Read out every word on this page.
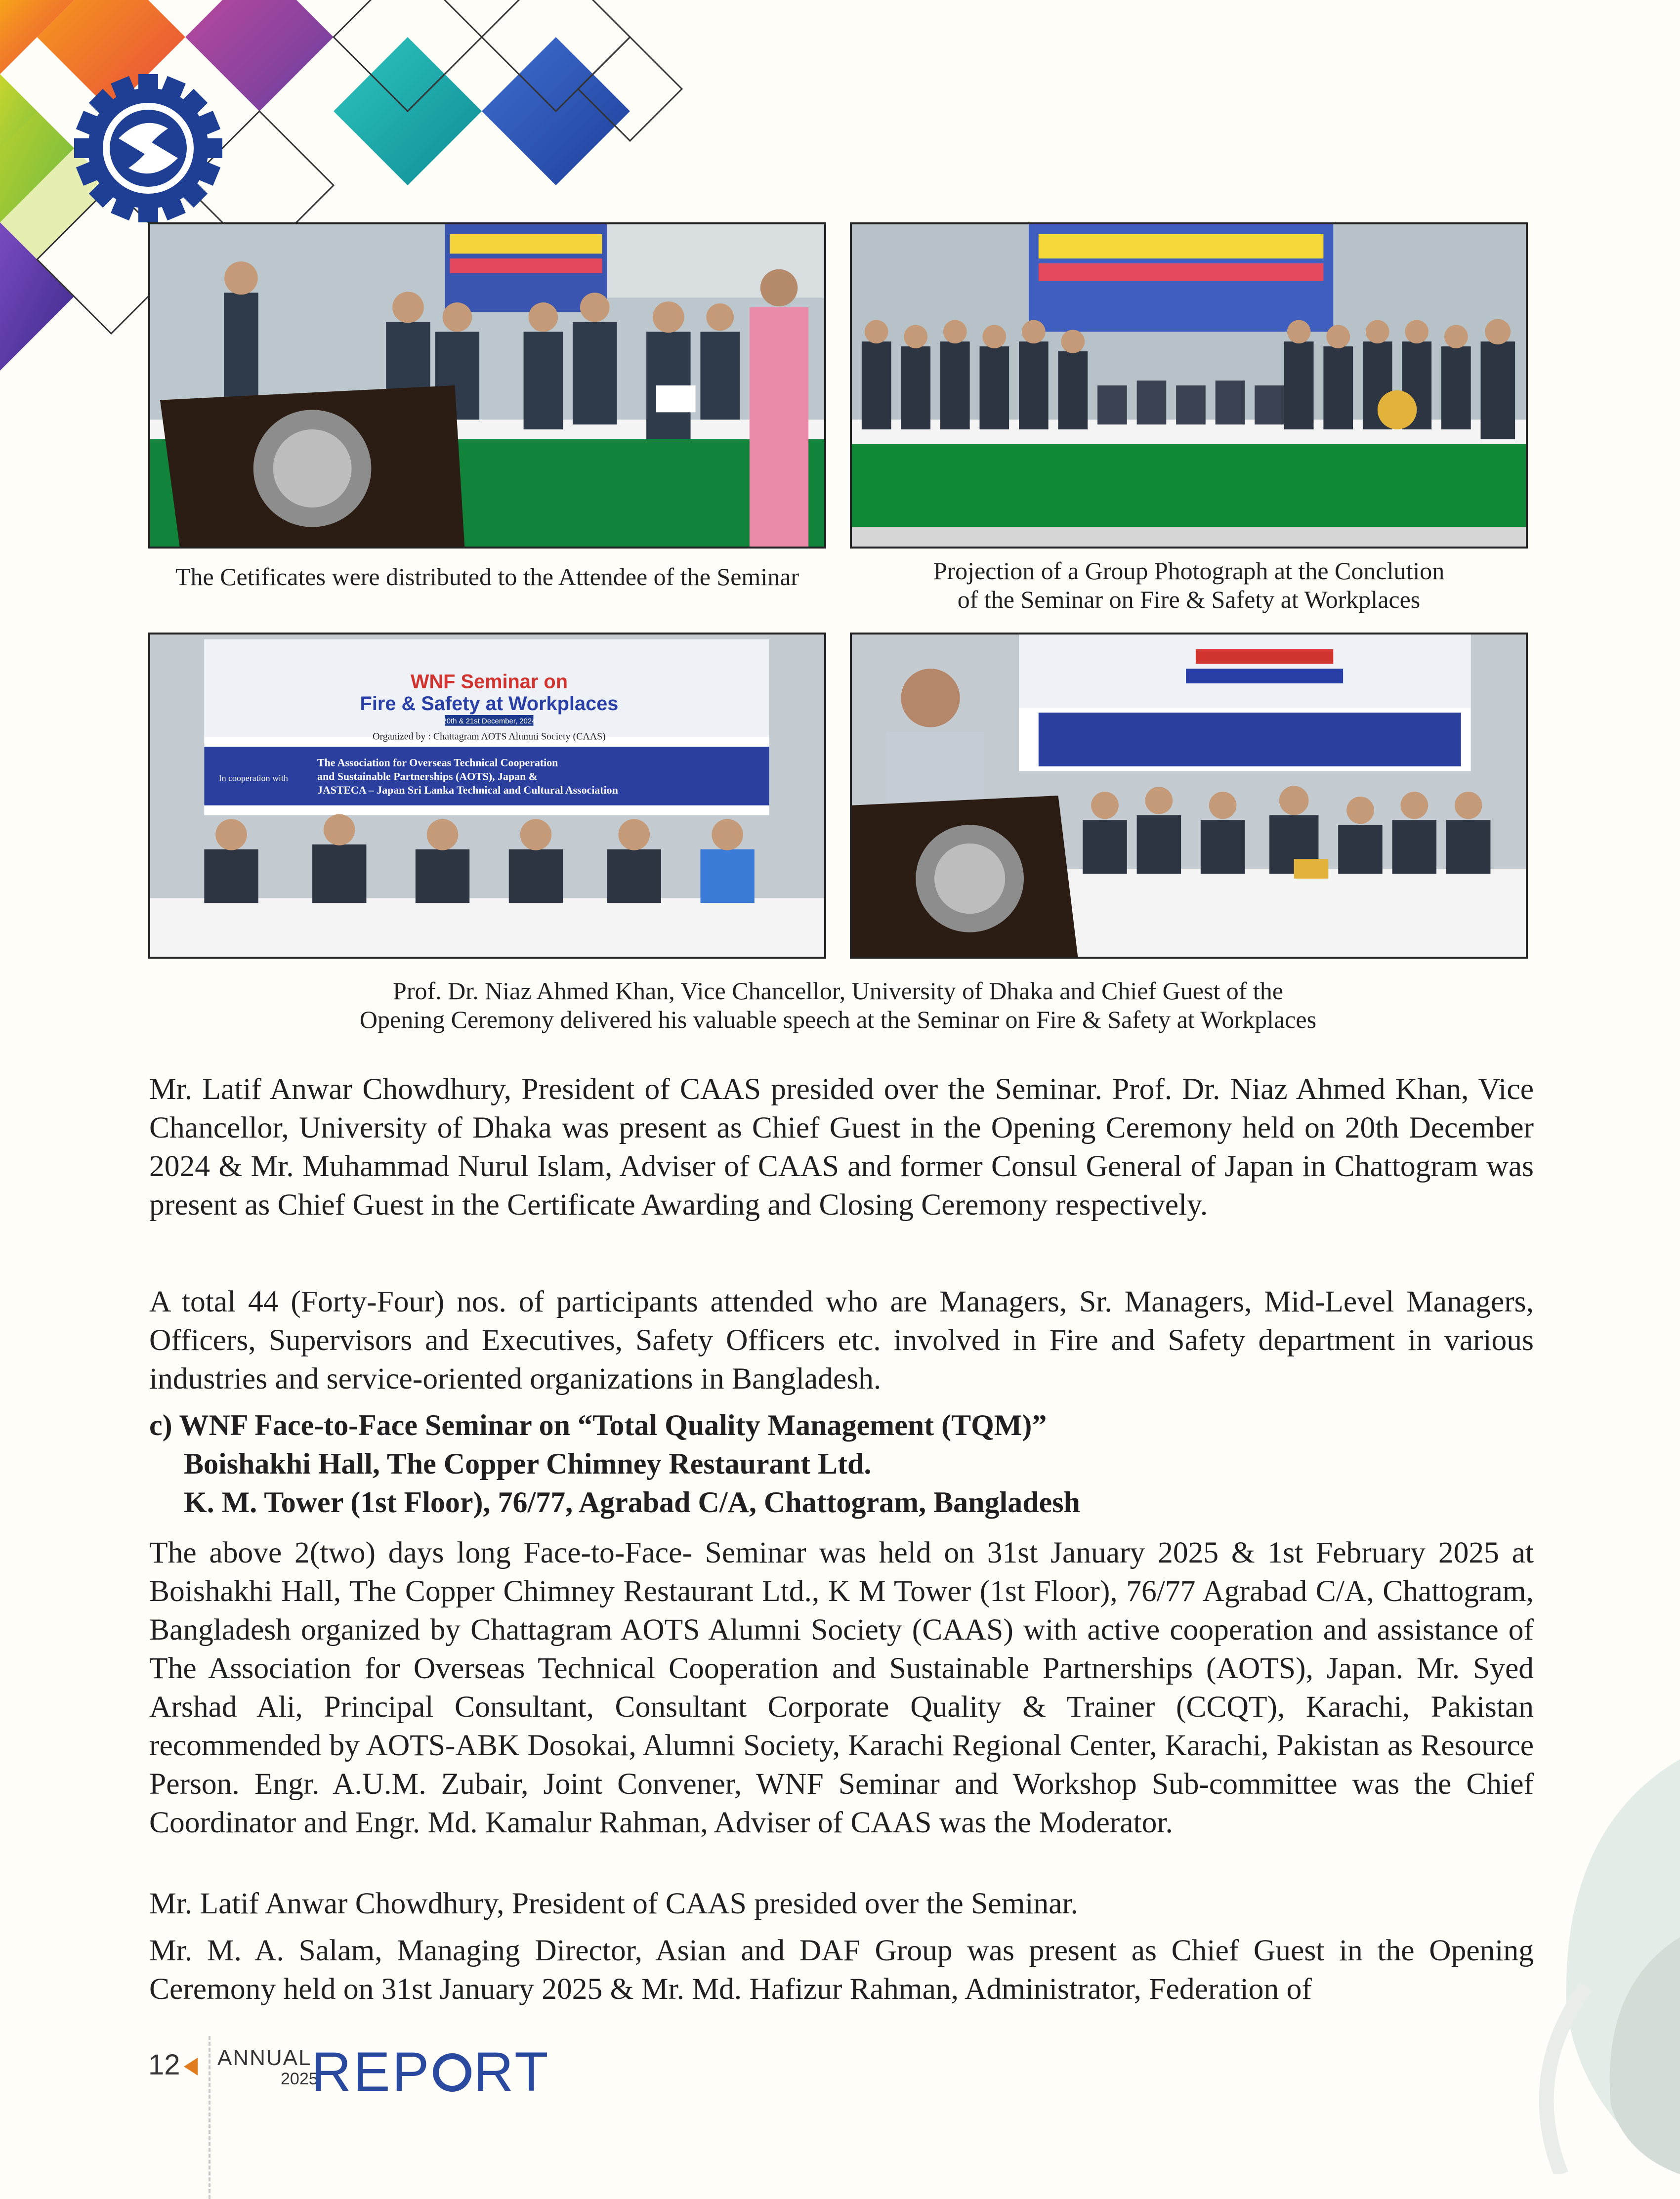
The Cetificates were distributed to the Attendee of the Seminar	Projection of a Group Photograph at the Conclution
of the Seminar on Fire & Safety at Workplaces
WNF Seminar on
Fire & Safety at Workplaces
20th & 21st December, 2024
Organized by : Chattagram AOTS Alumni Society (CAAS)
In cooperation with
The Association for Overseas Technical Cooperation
and Sustainable Partnerships (AOTS), Japan &
JASTECA – Japan Sri Lanka Technical and Cultural Association
Prof. Dr. Niaz Ahmed Khan, Vice Chancellor, University of Dhaka and Chief Guest of the
Opening Ceremony delivered his valuable speech at the Seminar on Fire & Safety at Workplaces

Mr. Latif Anwar Chowdhury, President of CAAS presided over the Seminar. Prof. Dr. Niaz Ahmed Khan, Vice Chancellor, University of Dhaka was present as Chief Guest in the Opening Ceremony held on 20th December 2024 & Mr. Muhammad Nurul Islam, Adviser of CAAS and former Consul General of Japan in Chattogram was present as Chief Guest in the Certificate Awarding and Closing Ceremony respectively.

A total 44 (Forty-Four) nos. of participants attended who are Managers, Sr. Managers, Mid-Level Managers, Officers, Supervisors and Executives, Safety Officers etc. involved in Fire and Safety department in various industries and service-oriented organizations in Bangladesh.

c) WNF Face-to-Face Seminar on “Total Quality Management (TQM)”
Boishakhi Hall, The Copper Chimney Restaurant Ltd.
K. M. Tower (1st Floor), 76/77, Agrabad C/A, Chattogram, Bangladesh

The above 2(two) days long Face-to-Face- Seminar was held on 31st January 2025 & 1st February 2025 at Boishakhi Hall, The Copper Chimney Restaurant Ltd., K M Tower (1st Floor), 76/77 Agrabad C/A, Chattogram, Bangladesh organized by Chattagram AOTS Alumni Society (CAAS) with active cooperation and assistance of The Association for Overseas Technical Cooperation and Sustainable Partnerships (AOTS), Japan. Mr. Syed Arshad Ali, Principal Consultant, Consultant Corporate Quality & Trainer (CCQT), Karachi, Pakistan recommended by AOTS-ABK Dosokai, Alumni Society, Karachi Regional Center, Karachi, Pakistan as Resource Person. Engr. A.U.M. Zubair, Joint Convener, WNF Seminar and Workshop Sub-committee was the Chief Coordinator and Engr. Md. Kamalur Rahman, Adviser of CAAS was the Moderator.

Mr. Latif Anwar Chowdhury, President of CAAS presided over the Seminar.

Mr. M. A. Salam, Managing Director, Asian and DAF Group was present as Chief Guest in the Opening Ceremony held on 31st January 2025 & Mr. Md. Hafizur Rahman, Administrator, Federation of

12 ANNUAL
2025
REP RT
